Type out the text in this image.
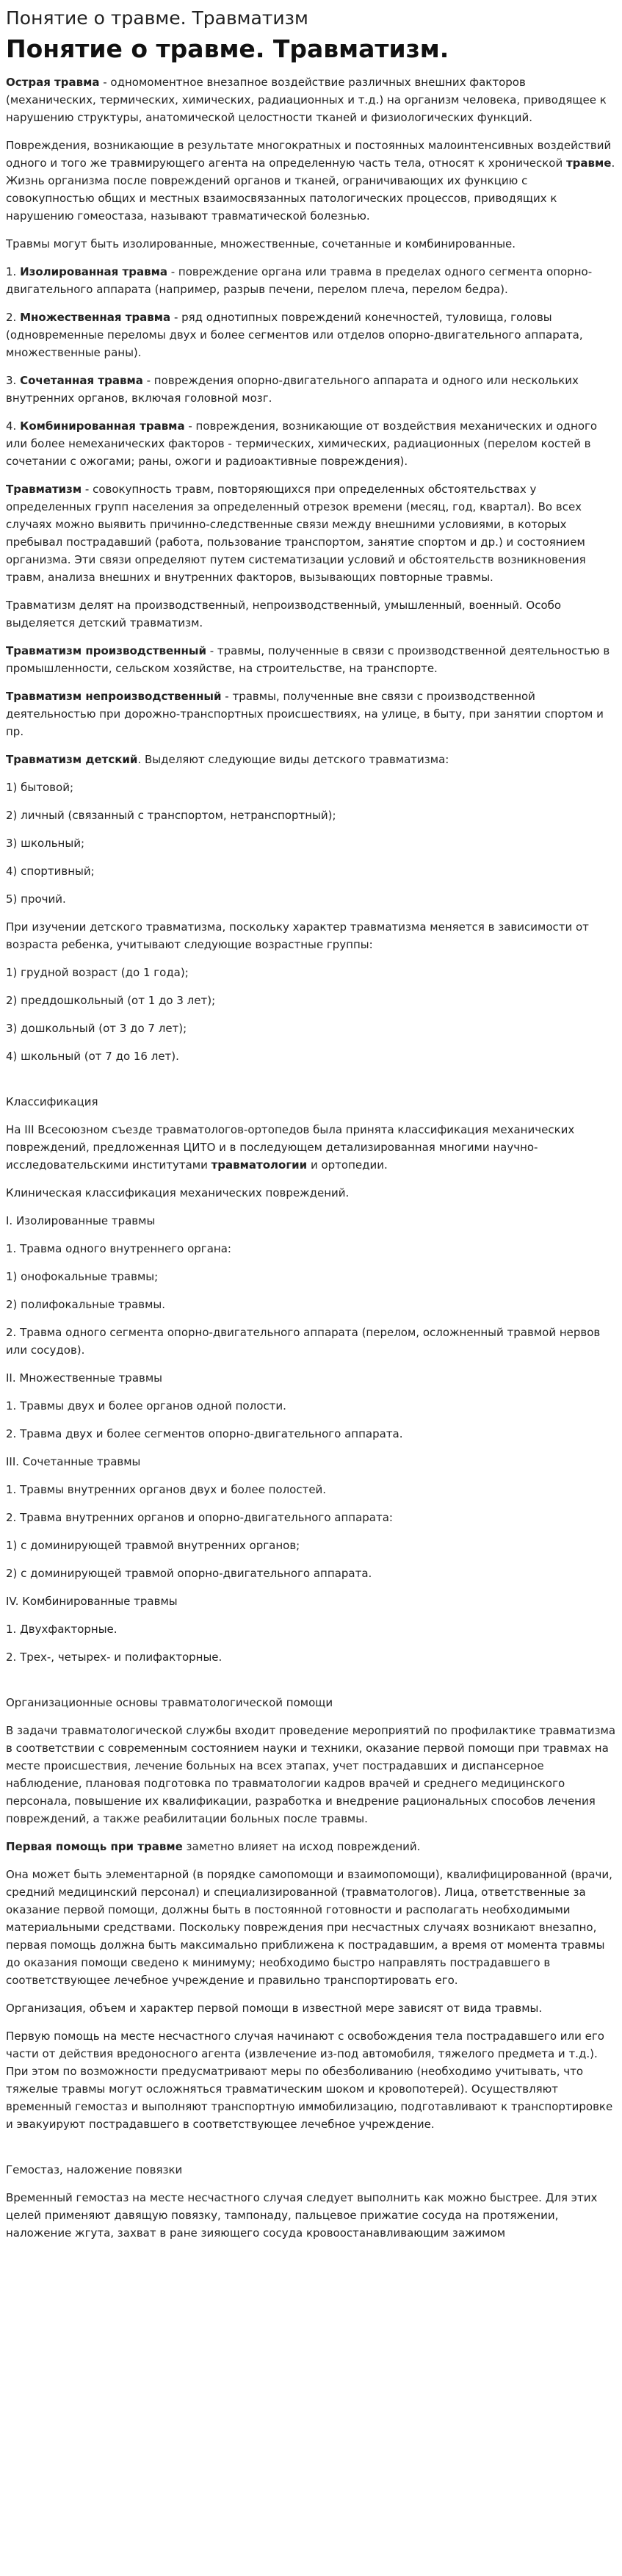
Понятие о травме. Травматизм
Понятие о травме. Травматизм.

Острая травма - одномоментное внезапное воздействие различных внешних факторов (механических, термических, химических, радиационных и т.д.) на организм человека, приводящее к нарушению структуры, анатомической целостности тканей и физиологических функций.

Повреждения, возникающие в результате многократных и постоянных малоинтенсивных воздействий одного и того же травмирующего агента на определенную часть тела, относят к хронической травме. Жизнь организма после повреждений органов и тканей, ограничивающих их функцию с совокупностью общих и местных взаимосвязанных патологических процессов, приводящих к нарушению гомеостаза, называют травматической болезнью.

Травмы могут быть изолированные, множественные, сочетанные и комбинированные.

1. Изолированная травма - повреждение органа или травма в пределах одного сегмента опорно-двигательного аппарата (например, разрыв печени, перелом плеча, перелом бедра).

2. Множественная травма - ряд однотипных повреждений конечностей, туловища, головы (одновременные переломы двух и более сегментов или отделов опорно-двигательного аппарата, множественные раны).

3. Сочетанная травма - повреждения опорно-двигательного аппарата и одного или нескольких внутренних органов, включая головной мозг.

4. Комбинированная травма - повреждения, возникающие от воздействия механических и одного или более немеханических факторов - термических, химических, радиационных (перелом костей в сочетании с ожогами; раны, ожоги и радиоактивные повреждения).

Травматизм - совокупность травм, повторяющихся при определенных обстоятельствах у определенных групп населения за определенный отрезок времени (месяц, год, квартал). Во всех случаях можно выявить причинно-следственные связи между внешними условиями, в которых пребывал пострадавший (работа, пользование транспортом, занятие спортом и др.) и состоянием организма. Эти связи определяют путем систематизации условий и обстоятельств возникновения травм, анализа внешних и внутренних факторов, вызывающих повторные травмы.

Травматизм делят на производственный, непроизводственный, умышленный, военный. Особо выделяется детский травматизм.

Травматизм производственный - травмы, полученные в связи с производственной деятельностью в промышленности, сельском хозяйстве, на строительстве, на транспорте.

Травматизм непроизводственный - травмы, полученные вне связи с производственной деятельностью при дорожно-транспортных происшествиях, на улице, в быту, при занятии спортом и пр.

Травматизм детский. Выделяют следующие виды детского травматизма:

1) бытовой;

2) личный (связанный с транспортом, нетранспортный);

3) школьный;

4) спортивный;

5) прочий.

При изучении детского травматизма, поскольку характер травматизма меняется в зависимости от возраста ребенка, учитывают следующие возрастные группы:

1) грудной возраст (до 1 года);

2) преддошкольный (от 1 до 3 лет);

3) дошкольный (от 3 до 7 лет);

4) школьный (от 7 до 16 лет).

Классификация

На III Всесоюзном съезде травматологов-ортопедов была принята классификация механических повреждений, предложенная ЦИТО и в последующем детализированная многими научно-исследовательскими институтами травматологии и ортопедии.

Клиническая классификация механических повреждений.

I. Изолированные травмы

1. Травма одного внутреннего органа:

1) онофокальные травмы;

2) полифокальные травмы.

2. Травма одного сегмента опорно-двигательного аппарата (перелом, осложненный травмой нервов или сосудов).

II. Множественные травмы

1. Травмы двух и более органов одной полости.

2. Травма двух и более сегментов опорно-двигательного аппарата.

III. Сочетанные травмы

1. Травмы внутренних органов двух и более полостей.

2. Травма внутренних органов и опорно-двигательного аппарата:

1) с доминирующей травмой внутренних органов;

2) с доминирующей травмой опорно-двигательного аппарата.

IV. Комбинированные травмы

1. Двухфакторные.

2. Трех-, четырех- и полифакторные.

Организационные основы травматологической помощи

В задачи травматологической службы входит проведение мероприятий по профилактике травматизма в соответствии с современным состоянием науки и техники, оказание первой помощи при травмах на месте происшествия, лечение больных на всех этапах, учет пострадавших и диспансерное наблюдение, плановая подготовка по травматологии кадров врачей и среднего медицинского персонала, повышение их квалификации, разработка и внедрение рациональных способов лечения повреждений, а также реабилитации больных после травмы.

Первая помощь при травме заметно влияет на исход повреждений.

Она может быть элементарной (в порядке самопомощи и взаимопомощи), квалифицированной (врачи, средний медицинский персонал) и специализированной (травматологов). Лица, ответственные за оказание первой помощи, должны быть в постоянной готовности и располагать необходимыми материальными средствами. Поскольку повреждения при несчастных случаях возникают внезапно, первая помощь должна быть максимально приближена к пострадавшим, а время от момента травмы до оказания помощи сведено к минимуму; необходимо быстро направлять пострадавшего в соответствующее лечебное учреждение и правильно транспортировать его.

Организация, объем и характер первой помощи в известной мере зависят от вида травмы.

Первую помощь на месте несчастного случая начинают с освобождения тела пострадавшего или его части от действия вредоносного агента (извлечение из-под автомобиля, тяжелого предмета и т.д.). При этом по возможности предусматривают меры по обезболиванию (необходимо учитывать, что тяжелые травмы могут осложняться травматическим шоком и кровопотерей). Осуществляют временный гемостаз и выполняют транспортную иммобилизацию, подготавливают к транспортировке и эвакуируют пострадавшего в соответствующее лечебное учреждение.

Гемостаз, наложение повязки

Временный гемостаз на месте несчастного случая следует выполнить как можно быстрее. Для этих целей применяют давящую повязку, тампонаду, пальцевое прижатие сосуда на протяжении, наложение жгута, захват в ране зияющего сосуда кровоостанавливающим зажимом
